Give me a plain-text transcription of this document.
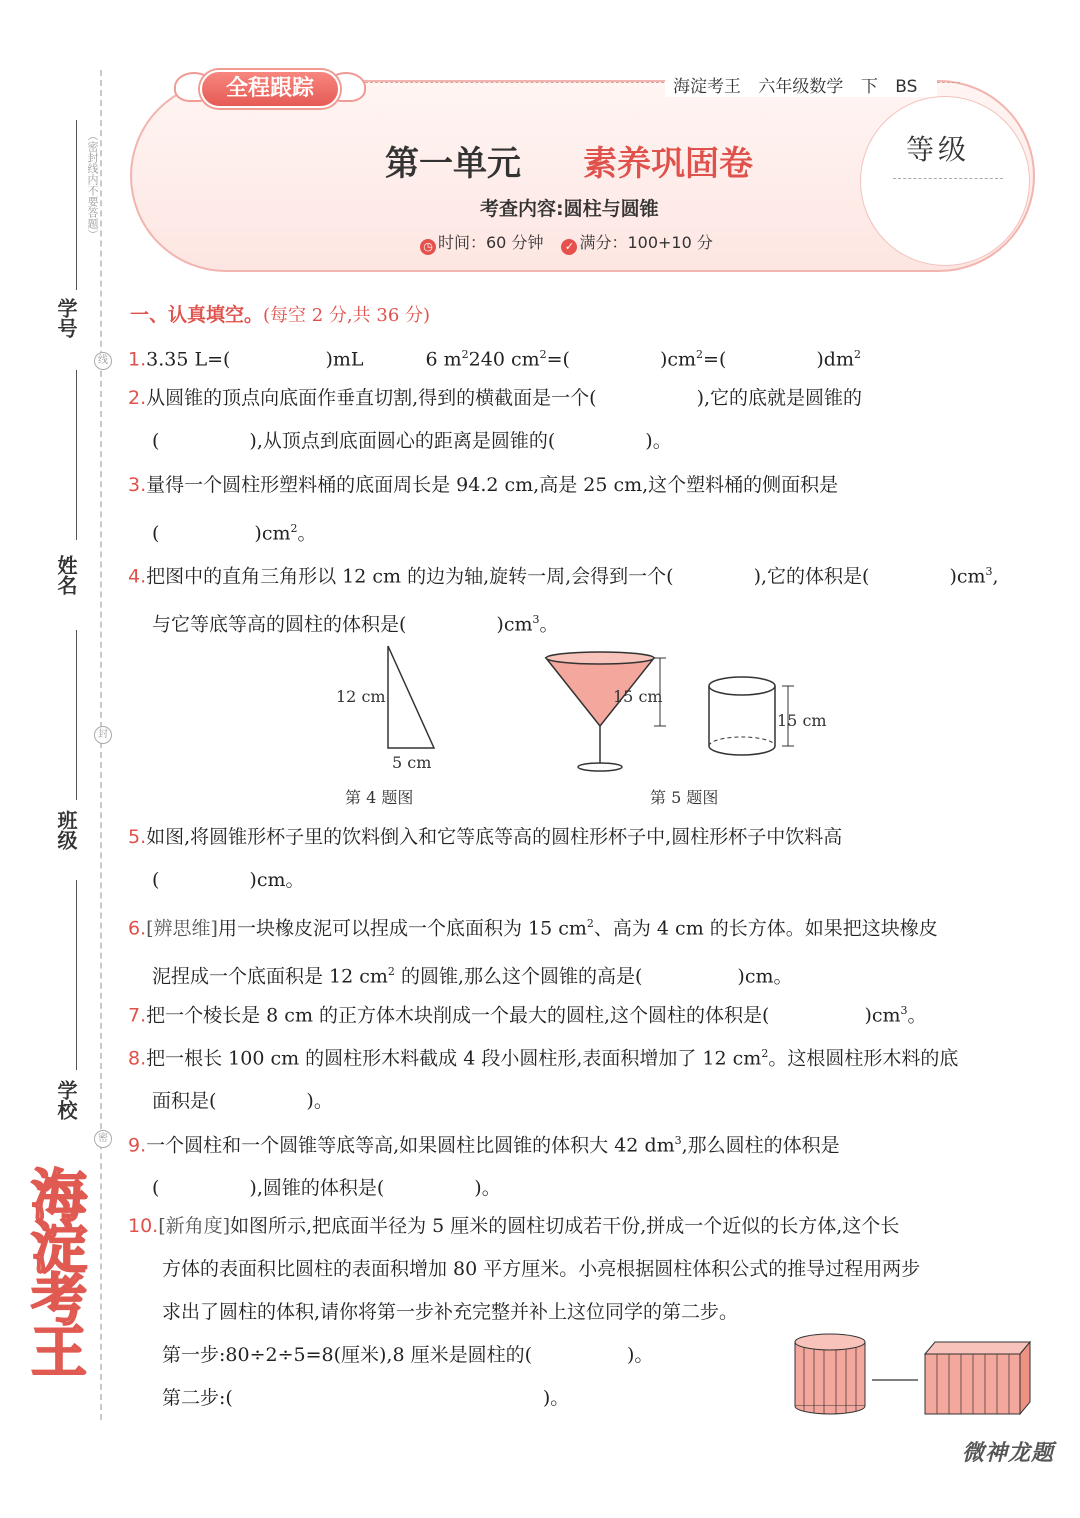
（密封线内不要答题）
线
封
密
学号
姓名
班级
学校
海淀考王
全程跟踪	海淀考王 六年级数学 下 BS
第一单元 素养巩固卷
考查内容:圆柱与圆锥
◷ 时间：60 分钟 ✓ 满分：100+10 分
等级
一、认真填空。(每空 2 分,共 36 分)
1.3.35 L=(	)mL	6 $m^2240$ $cm^2=$(	)$cm^2=$(	)$dm^2$
2.从圆锥的顶点向底面作垂直切割,得到的横截面是一个(	),它的底就是圆锥的
(	),从顶点到底面圆心的距离是圆锥的(	)。
3.量得一个圆柱形塑料桶的底面周长是 94.2 cm,高是 25 cm,这个塑料桶的侧面积是
(	)$cm^2$。
4.把图中的直角三角形以 12 cm 的边为轴,旋转一周,会得到一个(	),它的体积是(	)$cm^3$,
与它等底等高的圆柱的体积是(	)$cm^3$。
12 cm
5 cm
第 4 题图
15 cm
15 cm
第 5 题图
5.如图,将圆锥形杯子里的饮料倒入和它等底等高的圆柱形杯子中,圆柱形杯子中饮料高
(	)cm。
6.[辨思维]用一块橡皮泥可以捏成一个底面积为 15 $cm^2$、高为 4 cm 的长方体。如果把这块橡皮
泥捏成一个底面积是 12 $cm^2$ 的圆锥,那么这个圆锥的高是(	)cm。
7.把一个棱长是 8 cm 的正方体木块削成一个最大的圆柱,这个圆柱的体积是(	)$cm^3$。
8.把一根长 100 cm 的圆柱形木料截成 4 段小圆柱形,表面积增加了 12 $cm^2$。这根圆柱形木料的底
面积是(	)。
9.一个圆柱和一个圆锥等底等高,如果圆柱比圆锥的体积大 42 $dm^3$,那么圆柱的体积是
(	),圆锥的体积是(	)。
10.[新角度]如图所示,把底面半径为 5 厘米的圆柱切成若干份,拼成一个近似的长方体,这个长
方体的表面积比圆柱的表面积增加 80 平方厘米。小亮根据圆柱体积公式的推导过程用两步
求出了圆柱的体积,请你将第一步补充完整并补上这位同学的第二步。
第一步:80÷2÷5=8(厘米),8 厘米是圆柱的(	)。
第二步:(	)。
微神龙题
